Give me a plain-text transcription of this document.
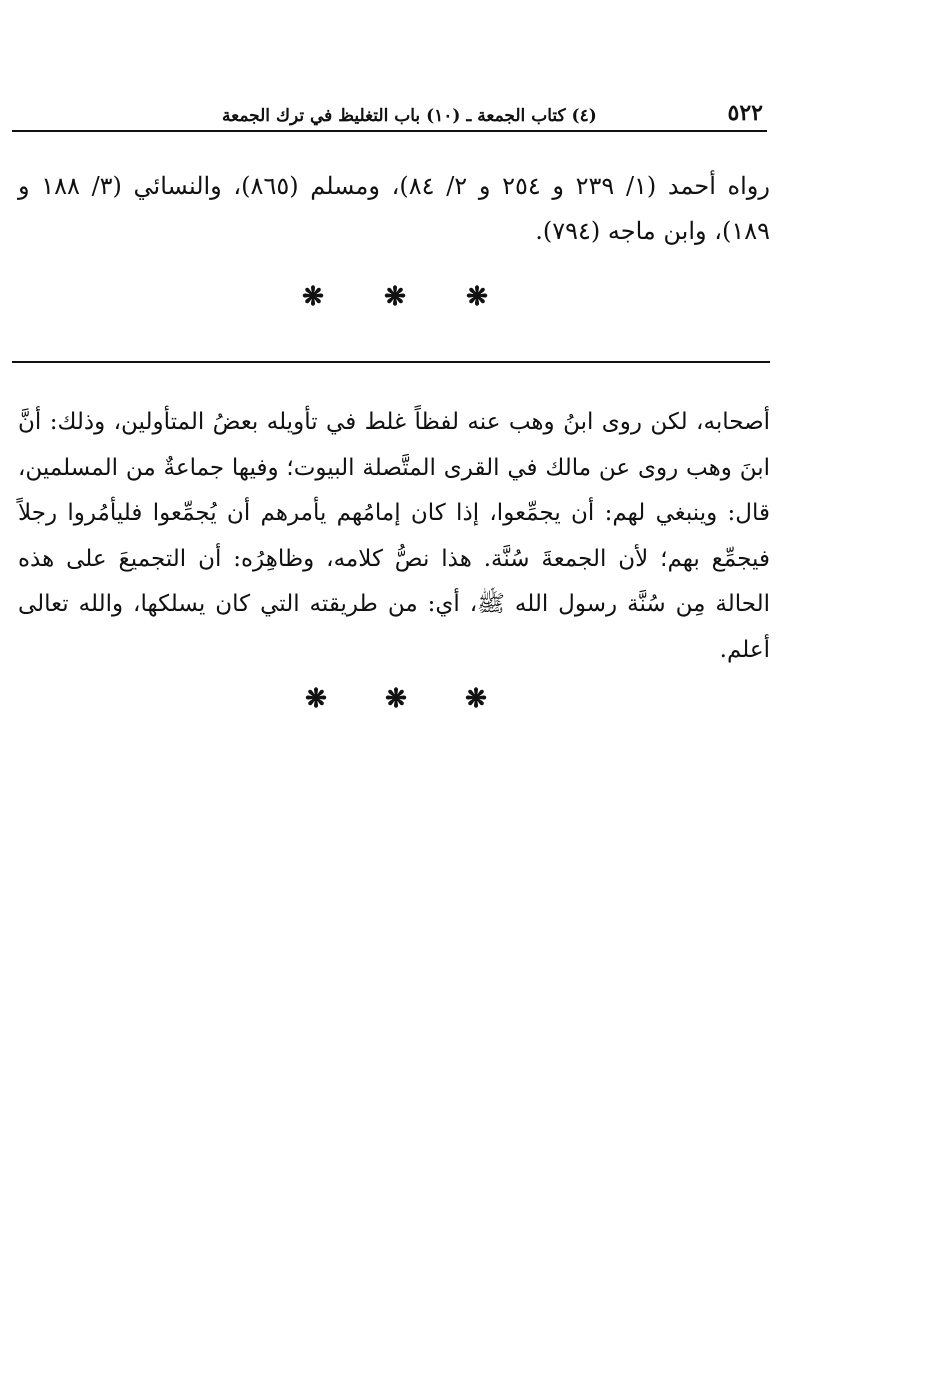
٥٢٢
(٤) كتاب الجمعة ـ (١٠) باب التغليظ في ترك الجمعة
رواه أحمد (١/ ٢٣٩ و ٢٥٤ و ٢/ ٨٤)، ومسلم (٨٦٥)، والنسائي (٣/ ١٨٨ و ١٨٩)، وابن ماجه (٧٩٤).
❋
❋
❋
أصحابه، لكن روى ابنُ وهب عنه لفظاً غلط في تأويله بعضُ المتأولين، وذلك: أنَّ ابنَ وهب روى عن مالك في القرى المتَّصلة البيوت؛ وفيها جماعةٌ من المسلمين، قال: وينبغي لهم: أن يجمِّعوا، إذا كان إمامُهم يأمرهم أن يُجمِّعوا فليأمُروا رجلاً فيجمِّع بهم؛ لأن الجمعةَ سُنَّة. هذا نصُّ كلامه، وظاهِرُه: أن التجميعَ على هذه الحالة مِن سُنَّة رسول الله ﷺ، أي: من طريقته التي كان يسلكها، والله تعالى أعلم.
❋
❋
❋
